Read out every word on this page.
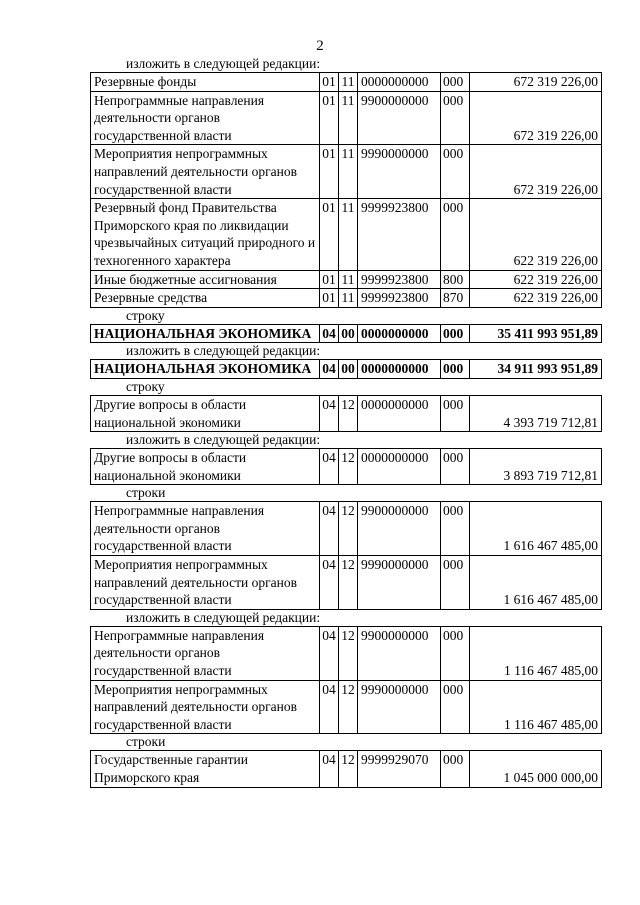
2
изложить в следующей редакции:
Резервные фонды	01	11	0000000000	000	672 319 226,00
Непрограммные направления деятельности органов государственной власти	01	11	9900000000	000	672 319 226,00
Мероприятия непрограммных направлений деятельности органов государственной власти	01	11	9990000000	000	672 319 226,00
Резервный фонд Правительства Приморского края по ликвидации чрезвычайных ситуаций природного и техногенного характера	01	11	9999923800	000	622 319 226,00
Иные бюджетные ассигнования	01	11	9999923800	800	622 319 226,00
Резервные средства	01	11	9999923800	870	622 319 226,00
строку
НАЦИОНАЛЬНАЯ ЭКОНОМИКА	04	00	0000000000	000	35 411 993 951,89
изложить в следующей редакции:
НАЦИОНАЛЬНАЯ ЭКОНОМИКА	04	00	0000000000	000	34 911 993 951,89
строку
Другие вопросы в области национальной экономики	04	12	0000000000	000	4 393 719 712,81
изложить в следующей редакции:
Другие вопросы в области национальной экономики	04	12	0000000000	000	3 893 719 712,81
строки
Непрограммные направления деятельности органов государственной власти	04	12	9900000000	000	1 616 467 485,00
Мероприятия непрограммных направлений деятельности органов государственной власти	04	12	9990000000	000	1 616 467 485,00
изложить в следующей редакции:
Непрограммные направления деятельности органов государственной власти	04	12	9900000000	000	1 116 467 485,00
Мероприятия непрограммных направлений деятельности органов государственной власти	04	12	9990000000	000	1 116 467 485,00
строки
Государственные гарантии Приморского края	04	12	9999929070	000	1 045 000 000,00
